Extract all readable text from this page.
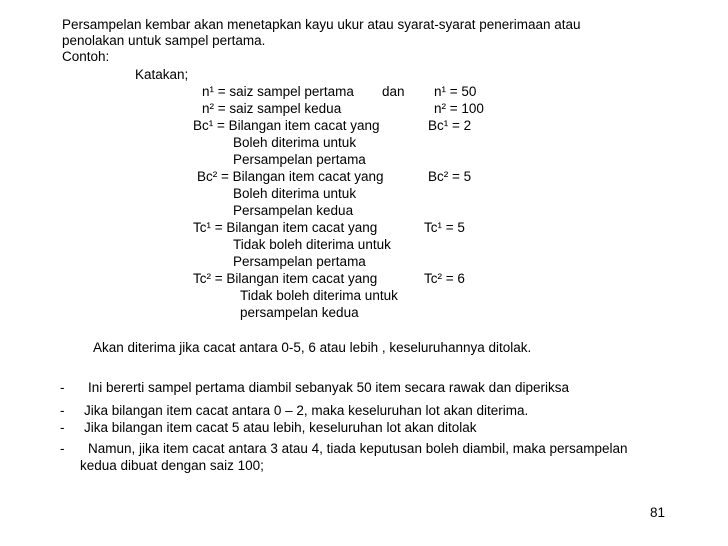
Persampelan kembar akan menetapkan kayu ukur atau syarat-syarat penerimaan atau penolakan untuk sampel pertama.
Contoh:
Katakan;
n¹ = saiz sampel pertama dan n¹ = 50
n² = saiz sampel kedua	n² = 100
Bc¹ = Bilangan item cacat yang	Bc¹ = 2
Boleh diterima untuk
Persampelan pertama
Bc² = Bilangan item cacat yang	Bc² = 5
Boleh diterima untuk
Persampelan kedua
Tc¹ = Bilangan item cacat yang	Tc¹ = 5
Tidak boleh diterima untuk
Persampelan pertama
Tc² = Bilangan item cacat yang	Tc² = 6
Tidak boleh diterima untuk
persampelan kedua
Akan diterima jika cacat antara 0-5, 6 atau lebih , keseluruhannya ditolak.
- Ini bererti sampel pertama diambil sebanyak 50 item secara rawak dan diperiksa
- Jika bilangan item cacat antara 0 – 2, maka keseluruhan lot akan diterima.
- Jika bilangan item cacat 5 atau lebih, keseluruhan lot akan ditolak
- Namun, jika item cacat antara 3 atau 4, tiada keputusan boleh diambil, maka persampelan
kedua dibuat dengan saiz 100;
81
